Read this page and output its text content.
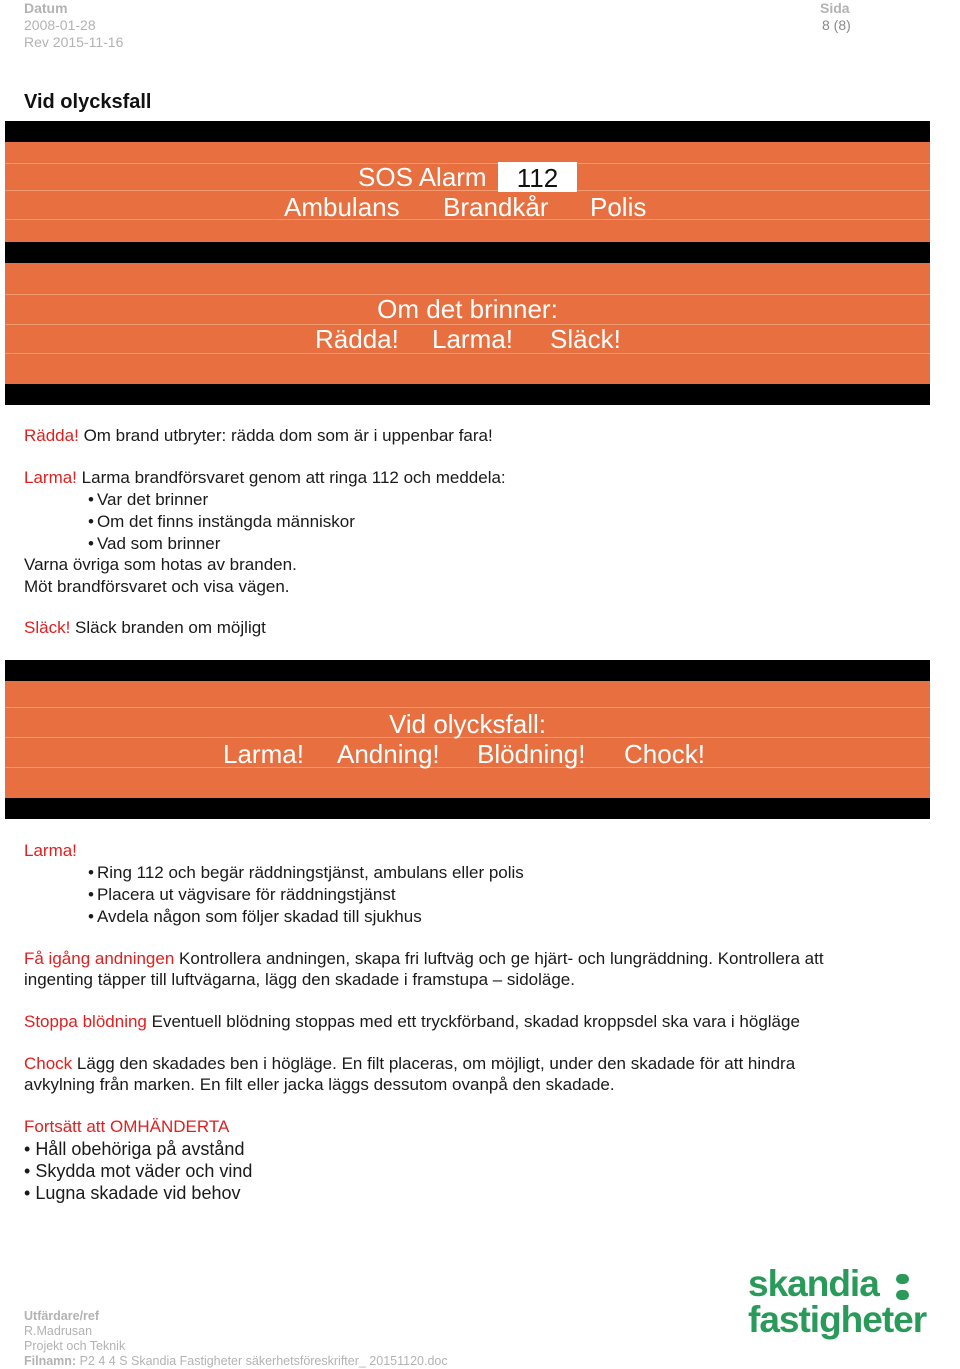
Datum
2008-01-28
Rev 2015-11-16
Sida
8 (8)
Vid olycksfall
SOS Alarm	112
Ambulans Brandkår Polis
Om det brinner:
Rädda! Larma! Släck!
Rädda! Om brand utbryter: rädda dom som är i uppenbar fara!
Larma! Larma brandförsvaret genom att ringa 112 och meddela:
• Var det brinner
• Om det finns instängda människor
• Vad som brinner
Varna övriga som hotas av branden.
Möt brandförsvaret och visa vägen.
Släck! Släck branden om möjligt
Vid olycksfall:
Larma! Andning! Blödning! Chock!
Larma!
• Ring 112 och begär räddningstjänst, ambulans eller polis
• Placera ut vägvisare för räddningstjänst
• Avdela någon som följer skadad till sjukhus
Få igång andningen Kontrollera andningen, skapa fri luftväg och ge hjärt- och lungräddning. Kontrollera att
ingenting täpper till luftvägarna, lägg den skadade i framstupa – sidoläge.
Stoppa blödning Eventuell blödning stoppas med ett tryckförband, skadad kroppsdel ska vara i högläge
Chock Lägg den skadades ben i högläge. En filt placeras, om möjligt, under den skadade för att hindra
avkylning från marken. En filt eller jacka läggs dessutom ovanpå den skadade.
Fortsätt att OMHÄNDERTA
• Håll obehöriga på avstånd
• Skydda mot väder och vind
• Lugna skadade vid behov
Utfärdare/ref
R.Madrusan
Projekt och Teknik
Filnamn: P2 4 4 S Skandia Fastigheter säkerhetsföreskrifter_ 20151120.doc
skandia
fastigheter
